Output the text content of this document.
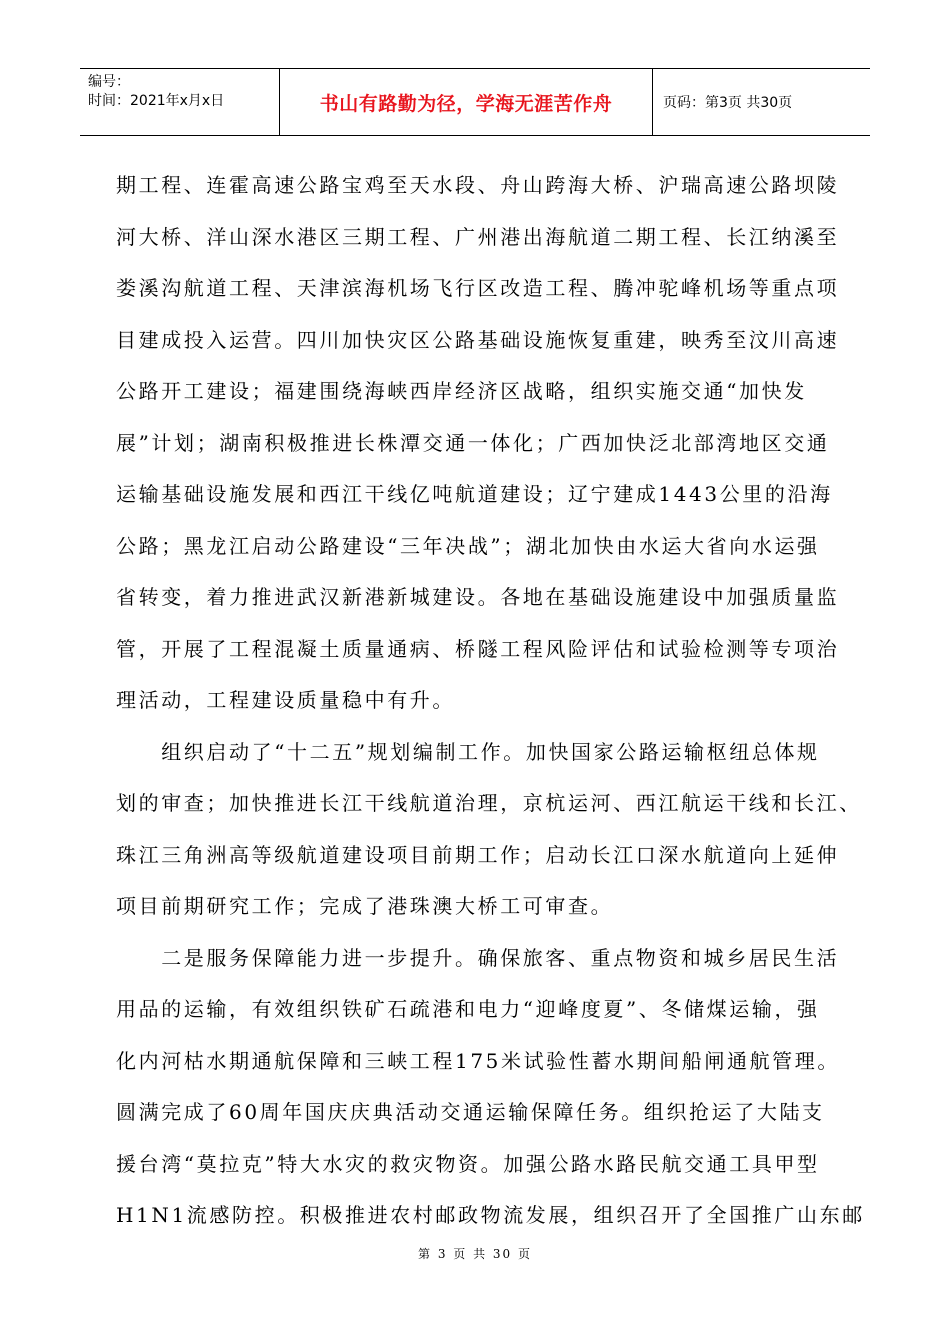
编号：
时间：2021年x月x日	书山有路勤为径，学海无涯苦作舟	页码：第3页 共30页
期工程、连霍高速公路宝鸡至天水段、舟山跨海大桥、沪瑞高速公路坝陵
河大桥、洋山深水港区三期工程、广州港出海航道二期工程、长江纳溪至
娄溪沟航道工程、天津滨海机场飞行区改造工程、腾冲驼峰机场等重点项
目建成投入运营。四川加快灾区公路基础设施恢复重建，映秀至汶川高速
公路开工建设；福建围绕海峡西岸经济区战略，组织实施交通“加快发
展”计划；湖南积极推进长株潭交通一体化；广西加快泛北部湾地区交通
运输基础设施发展和西江干线亿吨航道建设；辽宁建成1443公里的沿海
公路；黑龙江启动公路建设“三年决战”；湖北加快由水运大省向水运强
省转变，着力推进武汉新港新城建设。各地在基础设施建设中加强质量监
管，开展了工程混凝土质量通病、桥隧工程风险评估和试验检测等专项治
理活动，工程建设质量稳中有升。
　　组织启动了“十二五”规划编制工作。加快国家公路运输枢纽总体规
划的审查；加快推进长江干线航道治理，京杭运河、西江航运干线和长江、
珠江三角洲高等级航道建设项目前期工作；启动长江口深水航道向上延伸
项目前期研究工作；完成了港珠澳大桥工可审查。
　　二是服务保障能力进一步提升。确保旅客、重点物资和城乡居民生活
用品的运输，有效组织铁矿石疏港和电力“迎峰度夏”、冬储煤运输，强
化内河枯水期通航保障和三峡工程175米试验性蓄水期间船闸通航管理。
圆满完成了60周年国庆庆典活动交通运输保障任务。组织抢运了大陆支
援台湾“莫拉克”特大水灾的救灾物资。加强公路水路民航交通工具甲型
H1N1流感防控。积极推进农村邮政物流发展，组织召开了全国推广山东邮
第 3 页 共 30 页
